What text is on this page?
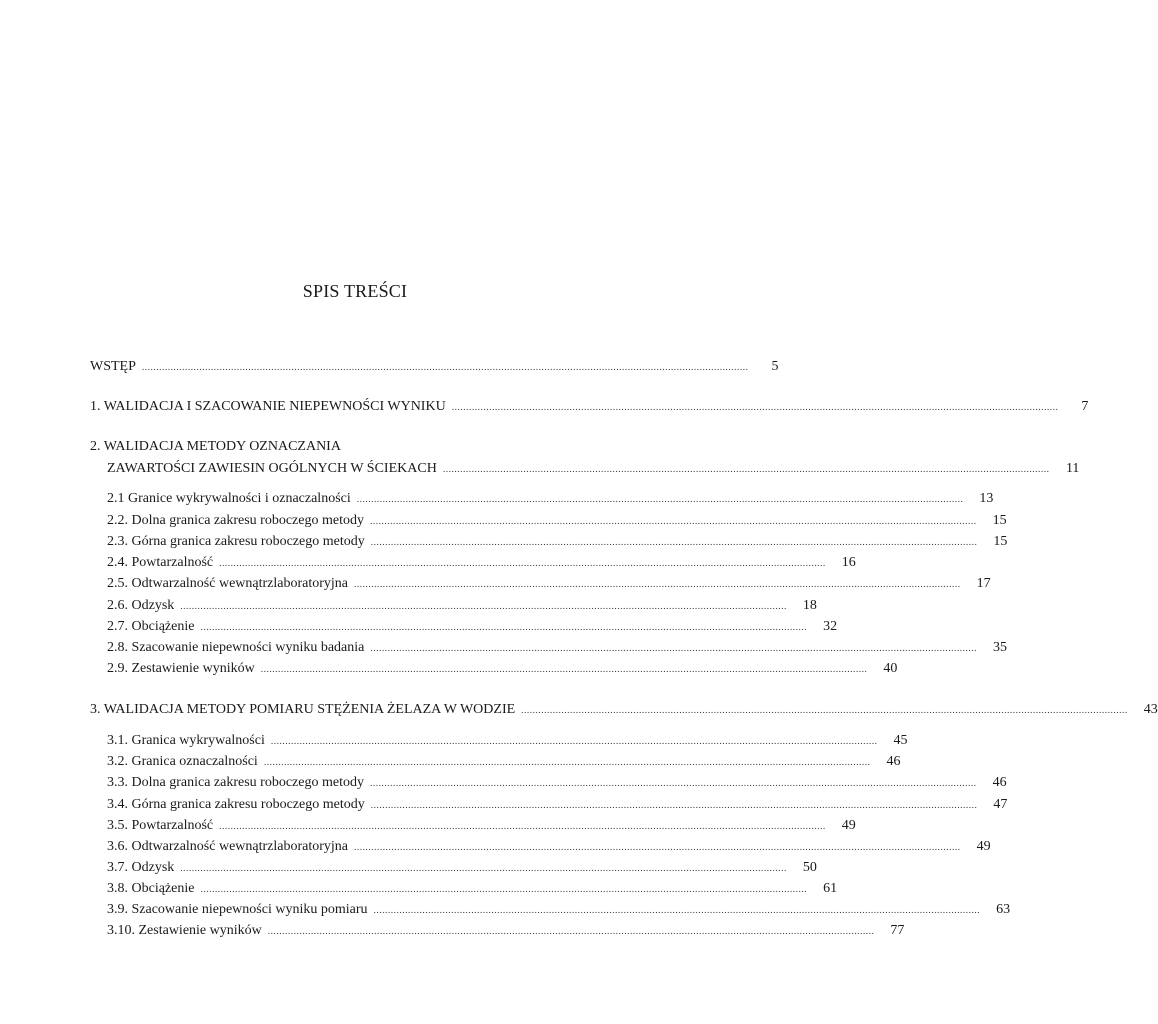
SPIS TREŚCI
WSTĘP ...................................................................................................................................................................................................................	5
1. WALIDACJA I SZACOWANIE NIEPEWNOŚCI WYNIKU ...................................................................................................................................................................................................................	7
2. WALIDACJA METODY OZNACZANIA
ZAWARTOŚCI ZAWIESIN OGÓLNYCH W ŚCIEKACH ...................................................................................................................................................................................................................	11
2.1 Granice wykrywalności i oznaczalności ...................................................................................................................................................................................................................	13
2.2. Dolna granica zakresu roboczego metody ...................................................................................................................................................................................................................	15
2.3. Górna granica zakresu roboczego metody ...................................................................................................................................................................................................................	15
2.4. Powtarzalność ...................................................................................................................................................................................................................	16
2.5. Odtwarzalność wewnątrzlaboratoryjna ...................................................................................................................................................................................................................	17
2.6. Odzysk ...................................................................................................................................................................................................................	18
2.7. Obciążenie ...................................................................................................................................................................................................................	32
2.8. Szacowanie niepewności wyniku badania ...................................................................................................................................................................................................................	35
2.9. Zestawienie wyników ...................................................................................................................................................................................................................	40
3. WALIDACJA METODY POMIARU STĘŻENIA ŻELAZA W WODZIE ...................................................................................................................................................................................................................	43
3.1. Granica wykrywalności ...................................................................................................................................................................................................................	45
3.2. Granica oznaczalności ...................................................................................................................................................................................................................	46
3.3. Dolna granica zakresu roboczego metody ...................................................................................................................................................................................................................	46
3.4. Górna granica zakresu roboczego metody ...................................................................................................................................................................................................................	47
3.5. Powtarzalność ...................................................................................................................................................................................................................	49
3.6. Odtwarzalność wewnątrzlaboratoryjna ...................................................................................................................................................................................................................	49
3.7. Odzysk ...................................................................................................................................................................................................................	50
3.8. Obciążenie ...................................................................................................................................................................................................................	61
3.9. Szacowanie niepewności wyniku pomiaru ...................................................................................................................................................................................................................	63
3.10. Zestawienie wyników ...................................................................................................................................................................................................................	77
